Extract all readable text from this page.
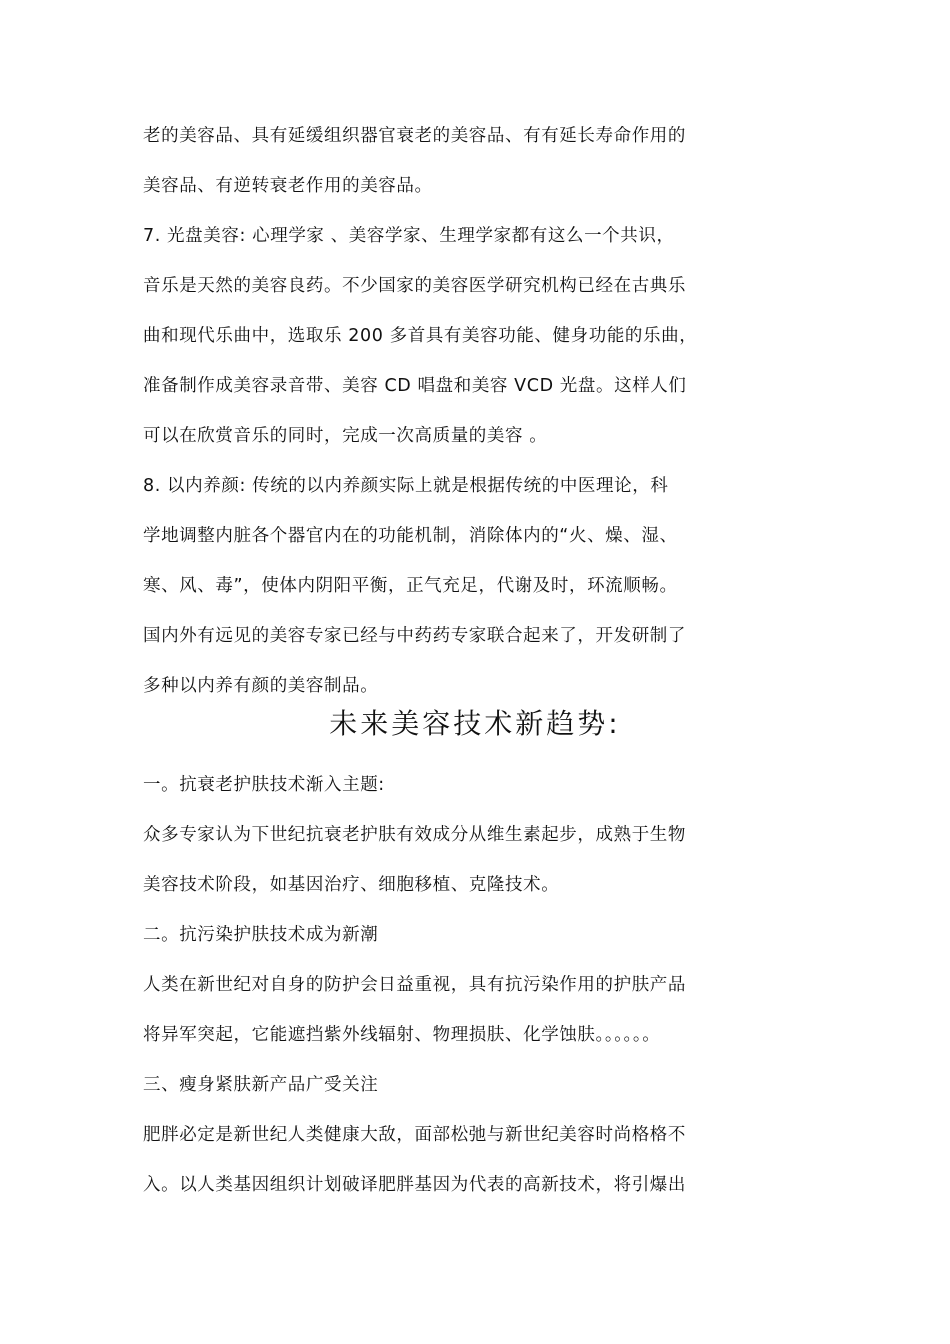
老的美容品、具有延缓组织器官衰老的美容品、有有延长寿命作用的
美容品、有逆转衰老作用的美容品。
7. 光盘美容: 心理学家 、美容学家、生理学家都有这么一个共识，
音乐是天然的美容良药。不少国家的美容医学研究机构已经在古典乐
曲和现代乐曲中，选取乐 200 多首具有美容功能、健身功能的乐曲，
准备制作成美容录音带、美容 CD 唱盘和美容 VCD 光盘。这样人们
可以在欣赏音乐的同时，完成一次高质量的美容 。
8. 以内养颜: 传统的以内养颜实际上就是根据传统的中医理论，科
学地调整内脏各个器官内在的功能机制，消除体内的“火、燥、湿、
寒、风、毒”，使体内阴阳平衡，正气充足，代谢及时，环流顺畅。
国内外有远见的美容专家已经与中药药专家联合起来了，开发研制了
多种以内养有颜的美容制品。
未来美容技术新趋势:
一。抗衰老护肤技术渐入主题:
众多专家认为下世纪抗衰老护肤有效成分从维生素起步，成熟于生物
美容技术阶段，如基因治疗、细胞移植、克隆技术。
二。抗污染护肤技术成为新潮
人类在新世纪对自身的防护会日益重视，具有抗污染作用的护肤产品
将异军突起，它能遮挡紫外线辐射、物理损肤、化学蚀肤。。。。。。
三、瘦身紧肤新产品广受关注
肥胖必定是新世纪人类健康大敌，面部松弛与新世纪美容时尚格格不
入。以人类基因组织计划破译肥胖基因为代表的高新技术，将引爆出
